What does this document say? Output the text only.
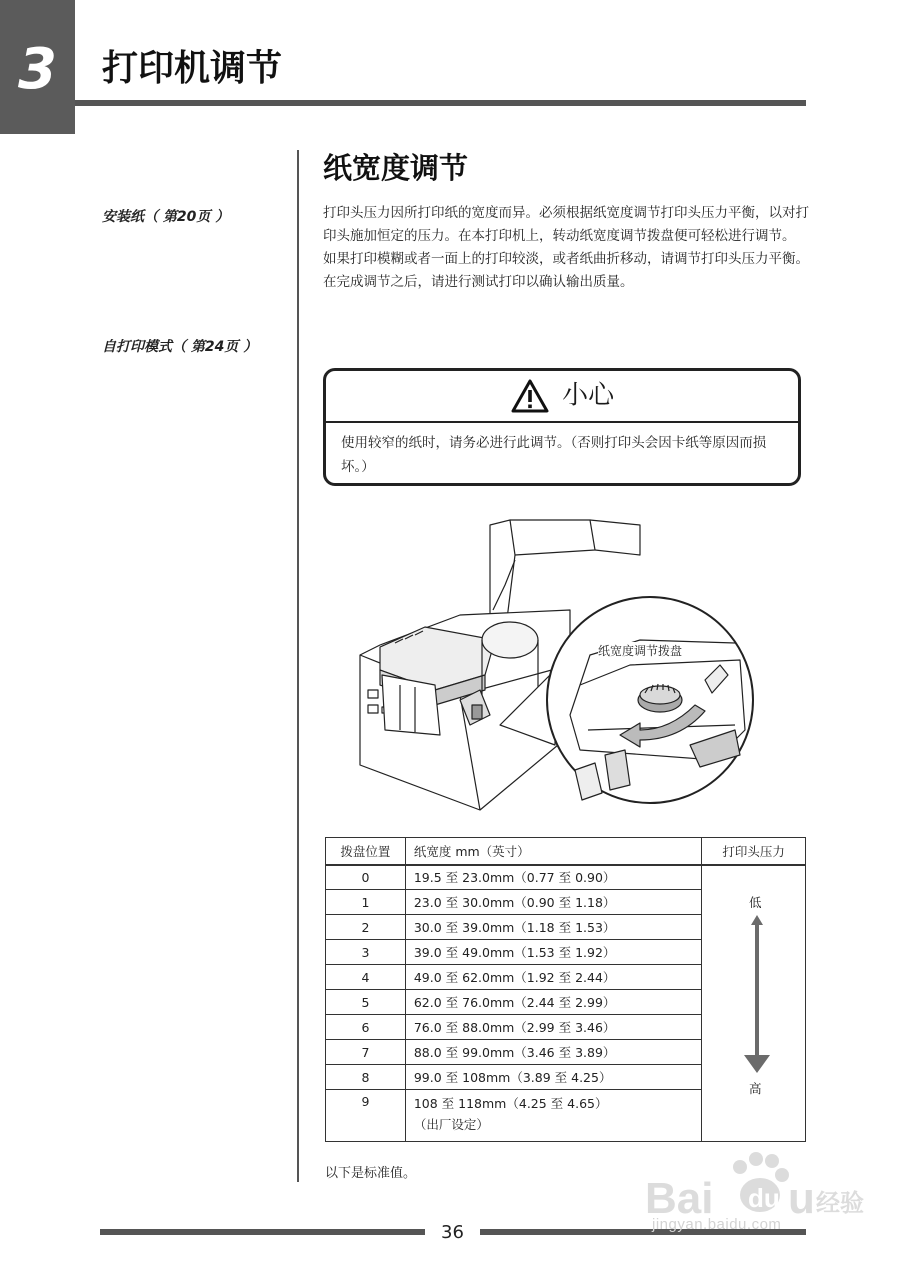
3	打印机调节
安装纸（ 第20页 ）
自打印模式（ 第24页 ）
纸宽度调节

打印头压力因所打印纸的宽度而异。必须根据纸宽度调节打印头压力平衡，以对打印头施加恒定的压力。在本打印机上，转动纸宽度调节拨盘便可轻松进行调节。

如果打印模糊或者一面上的打印较淡，或者纸曲折移动，请调节打印头压力平衡。

在完成调节之后，请进行测试打印以确认输出质量。

小心
使用较窄的纸时，请务必进行此调节。（否则打印头会因卡纸等原因而损坏。）
纸宽度调节拨盘
拨盘位置	纸宽度 mm（英寸）	打印头压力
0	19.5 至 23.0mm（0.77 至 0.90）	
1	23.0 至 30.0mm（0.90 至 1.18）	
2	30.0 至 39.0mm（1.18 至 1.53）	
3	39.0 至 49.0mm（1.53 至 1.92）	
4	49.0 至 62.0mm（1.92 至 2.44）	
5	62.0 至 76.0mm（2.44 至 2.99）	
6	76.0 至 88.0mm（2.99 至 3.46）	
7	88.0 至 99.0mm（3.46 至 3.89）	
8	99.0 至 108mm（3.89 至 4.25）	
9	108 至 118mm（4.25 至 4.65）
（出厂设定）	
低
高
以下是标准值。
36
Bai u
du 经验
jingyan.baidu.com
